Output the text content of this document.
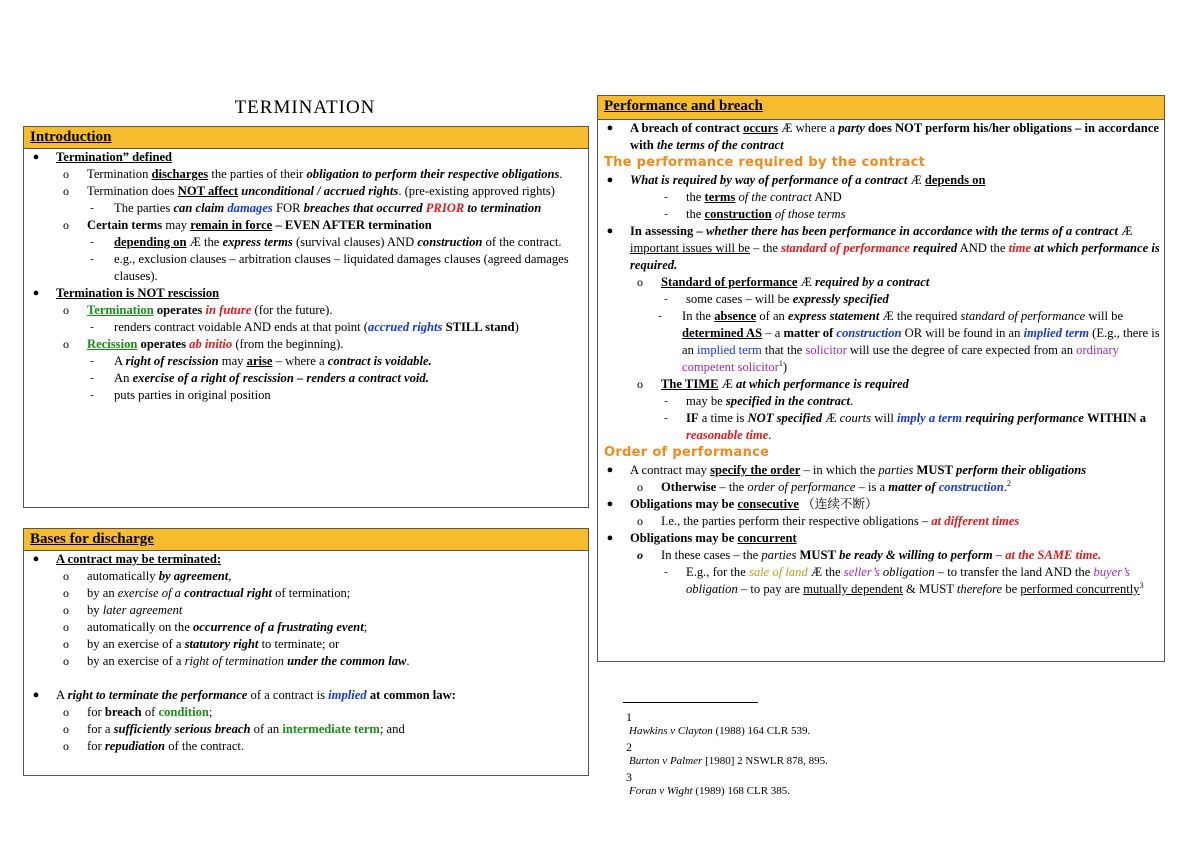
TERMINATION
Introduction
● Termination” defined
o Termination discharges the parties of their obligation to perform their respective obligations.
o Termination does NOT affect unconditional / accrued rights. (pre-existing approved rights)
-	The parties can claim damages FOR breaches that occurred PRIOR to termination
o Certain terms may remain in force – EVEN AFTER termination
-	depending on Æ the express terms (survival clauses) AND construction of the contract.
-	e.g., exclusion clauses – arbitration clauses – liquidated damages clauses (agreed damages clauses).
● Termination is NOT rescission
o Termination operates in future (for the future).
-	renders contract voidable AND ends at that point (accrued rights STILL stand)
o Recission operates ab initio (from the beginning).
-	A right of rescission may arise – where a contract is voidable.
-	An exercise of a right of rescission – renders a contract void.
-	puts parties in original position
Bases for discharge
● A contract may be terminated:
o automatically by agreement,
o by an exercise of a contractual right of termination;
o by later agreement
o automatically on the occurrence of a frustrating event;
o by an exercise of a statutory right to terminate; or
o by an exercise of a right of termination under the common law.
● A right to terminate the performance of a contract is implied at common law:
o for breach of condition;
o for a sufficiently serious breach of an intermediate term; and
o for repudiation of the contract.
Performance and breach
● A breach of contract occurs Æ where a party does NOT perform his/her obligations – in accordance with the terms of the contract
The performance required by the contract
● What is required by way of performance of a contract Æ depends on
-	the terms of the contract AND
-	the construction of those terms
● In assessing – whether there has been performance in accordance with the terms of a contract Æ important issues will be – the standard of performance required AND the time at which performance is required.
o Standard of performance Æ required by a contract
-	some cases – will be expressly specified
-	In the absence of an express statement Æ the required standard of performance will be determined AS – a matter of construction OR will be found in an implied term (E.g., there is an implied term that the solicitor will use the degree of care expected from an ordinary competent solicitor$^1$)
o The TIME Æ at which performance is required
-	may be specified in the contract.
-	IF a time is NOT specified Æ courts will imply a term requiring performance WITHIN a reasonable time.
Order of performance
● A contract may specify the order – in which the parties MUST perform their obligations
o Otherwise – the order of performance – is a matter of construction.$^2$
● Obligations may be consecutive （连续不断）
o I.e., the parties perform their respective obligations – at different times
● Obligations may be concurrent
o In these cases – the parties MUST be ready & willing to perform – at the SAME time.
-	E.g., for the sale of land Æ the seller’s obligation – to transfer the land AND the buyer’s obligation – to pay are mutually dependent & MUST therefore be performed concurrently$^3$
1
Hawkins v Clayton (1988) 164 CLR 539.
2
Burton v Palmer [1980] 2 NSWLR 878, 895.
3
Foran v Wight (1989) 168 CLR 385.
